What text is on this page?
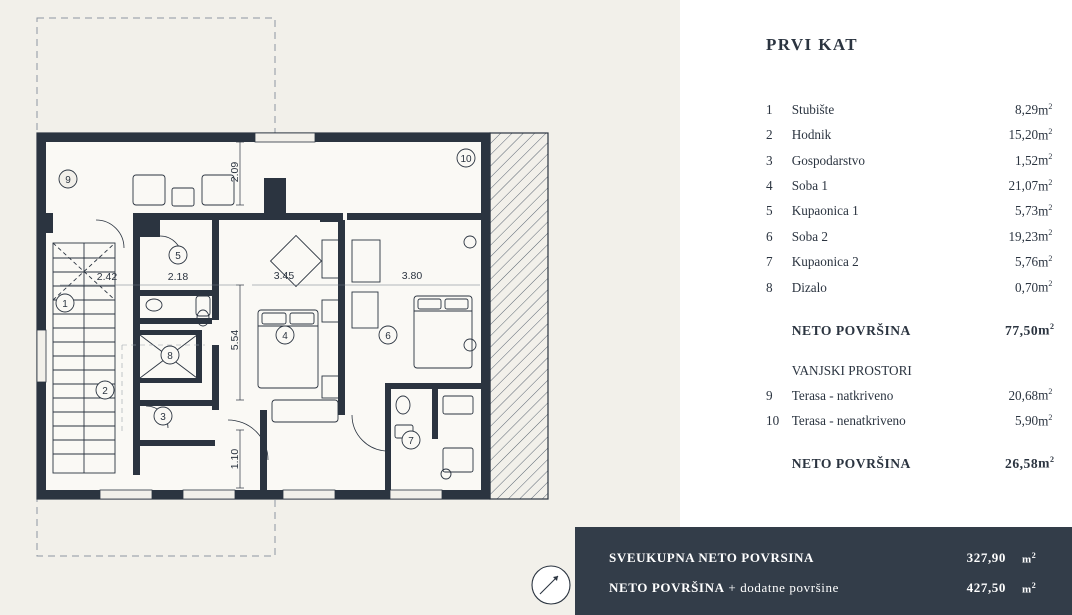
2.09
2.42	2.18	3.45	3.80
5.54
1.10
1
2
3
4
5
6
7
8
9
10
PRVI KAT
1	Stubište	8,29	$m^2$
2	Hodnik	15,20	$m^2$
3	Gospodarstvo	1,52	$m^2$
4	Soba 1	21,07	$m^2$
5	Kupaonica 1	5,73	$m^2$
6	Soba 2	19,23	$m^2$
7	Kupaonica 2	5,76	$m^2$
8	Dizalo	0,70	$m^2$

	NETO POVRŠINA	77,50	$m^2$

	VANJSKI PROSTORI		
9	Terasa - natkriveno	20,68	$m^2$
10	Terasa - nenatkriveno	5,90	$m^2$

	NETO POVRŠINA	26,58	$m^2$
SVEUKUPNA NETO POVRSINA	327,90	$m^2$
NETO POVRŠINA + dodatne površine	427,50	$m^2$
